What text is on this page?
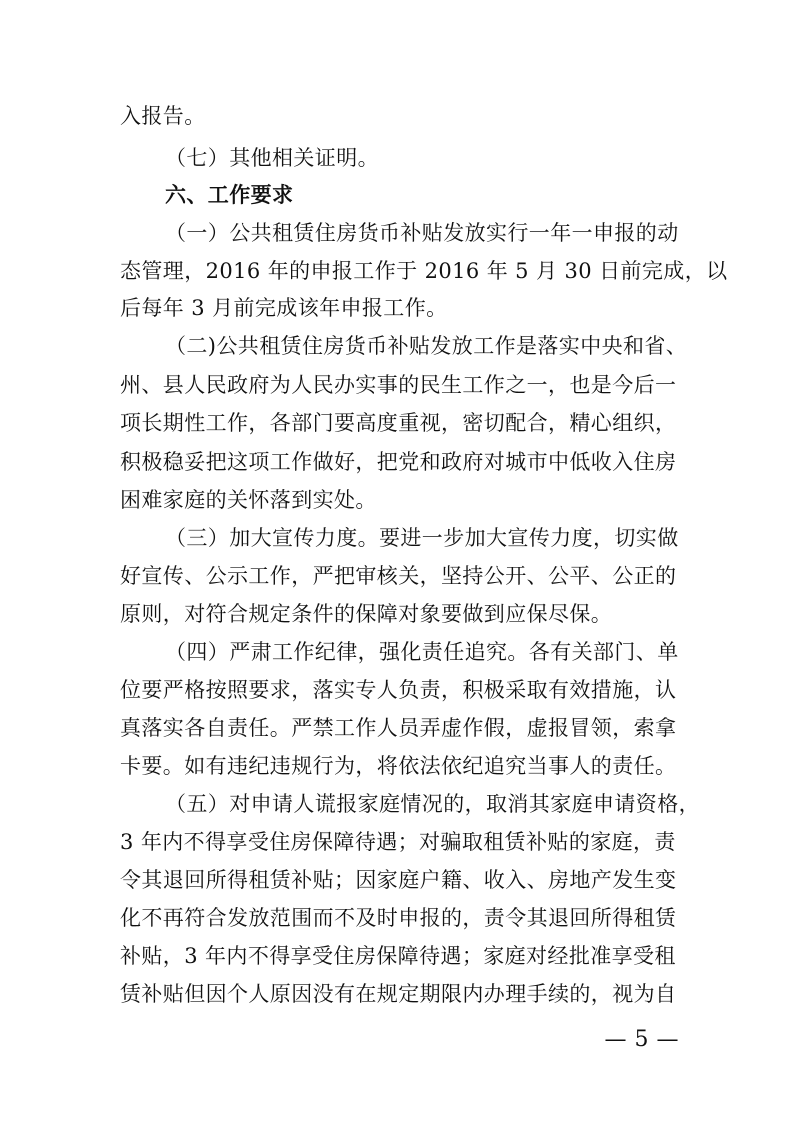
入报告。
（七）其他相关证明。
六、工作要求
（一）公共租赁住房货币补贴发放实行一年一申报的动
态管理，2016 年的申报工作于 2016 年 5 月 30 日前完成，以
后每年 3 月前完成该年申报工作。
（二)公共租赁住房货币补贴发放工作是落实中央和省、
州、县人民政府为人民办实事的民生工作之一，也是今后一
项长期性工作，各部门要高度重视，密切配合，精心组织，
积极稳妥把这项工作做好，把党和政府对城市中低收入住房
困难家庭的关怀落到实处。
（三）加大宣传力度。要进一步加大宣传力度，切实做
好宣传、公示工作，严把审核关，坚持公开、公平、公正的
原则，对符合规定条件的保障对象要做到应保尽保。
（四）严肃工作纪律，强化责任追究。各有关部门、单
位要严格按照要求，落实专人负责，积极采取有效措施，认
真落实各自责任。严禁工作人员弄虚作假，虚报冒领，索拿
卡要。如有违纪违规行为，将依法依纪追究当事人的责任。
（五）对申请人谎报家庭情况的，取消其家庭申请资格，
3 年内不得享受住房保障待遇；对骗取租赁补贴的家庭，责
令其退回所得租赁补贴；因家庭户籍、收入、房地产发生变
化不再符合发放范围而不及时申报的，责令其退回所得租赁
补贴，3 年内不得享受住房保障待遇；家庭对经批准享受租
赁补贴但因个人原因没有在规定期限内办理手续的，视为自
— 5 —
